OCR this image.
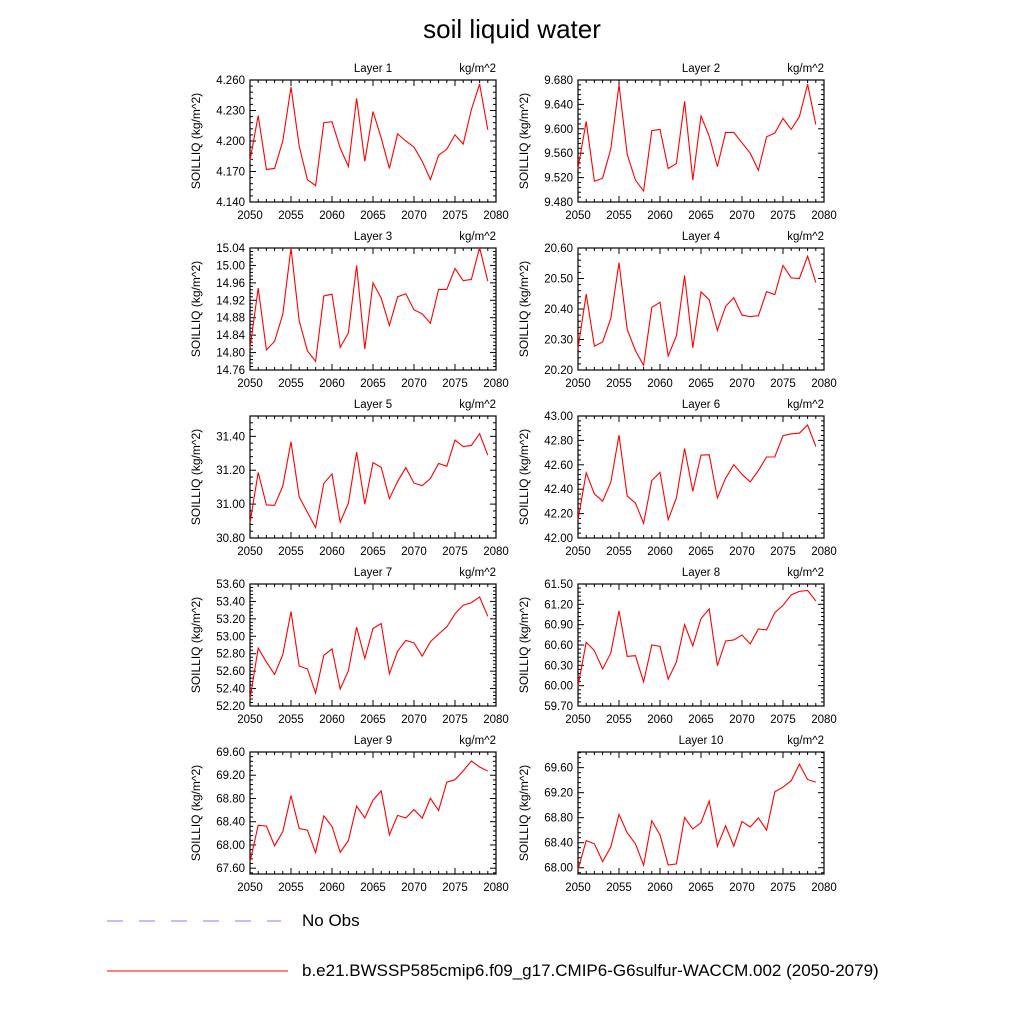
soil liquid water
2050 2055 2060 2065 2070 2075 2080
4.140
4.170
4.200
4.230
4.260
SOILLIQ (kg/m^2)
Layer 1	kg/m^2
2050 2055 2060 2065 2070 2075 2080
9.480
9.520
9.560
9.600
9.640
9.680
SOILLIQ (kg/m^2)
Layer 2	kg/m^2
2050 2055 2060 2065 2070 2075 2080
14.76
14.80
14.84
14.88
14.92
14.96
15.00
15.04
SOILLIQ (kg/m^2)
Layer 3	kg/m^2
2050 2055 2060 2065 2070 2075 2080
20.20
20.30
20.40
20.50
20.60
SOILLIQ (kg/m^2)
Layer 4	kg/m^2
2050 2055 2060 2065 2070 2075 2080
30.80
31.00
31.20
31.40
SOILLIQ (kg/m^2)
Layer 5	kg/m^2
2050 2055 2060 2065 2070 2075 2080
42.00
42.20
42.40
42.60
42.80
43.00
SOILLIQ (kg/m^2)
Layer 6	kg/m^2
2050 2055 2060 2065 2070 2075 2080
52.20
52.40
52.60
52.80
53.00
53.20
53.40
53.60
SOILLIQ (kg/m^2)
Layer 7	kg/m^2
2050 2055 2060 2065 2070 2075 2080
59.70
60.00
60.30
60.60
60.90
61.20
61.50
SOILLIQ (kg/m^2)
Layer 8	kg/m^2
2050 2055 2060 2065 2070 2075 2080
67.60
68.00
68.40
68.80
69.20
69.60
SOILLIQ (kg/m^2)
Layer 9	kg/m^2
2050 2055 2060 2065 2070 2075 2080
68.00
68.40
68.80
69.20
69.60
SOILLIQ (kg/m^2)
Layer 10	kg/m^2
No Obs
b.e21.BWSSP585cmip6.f09_g17.CMIP6-G6sulfur-WACCM.002 (2050-2079)
